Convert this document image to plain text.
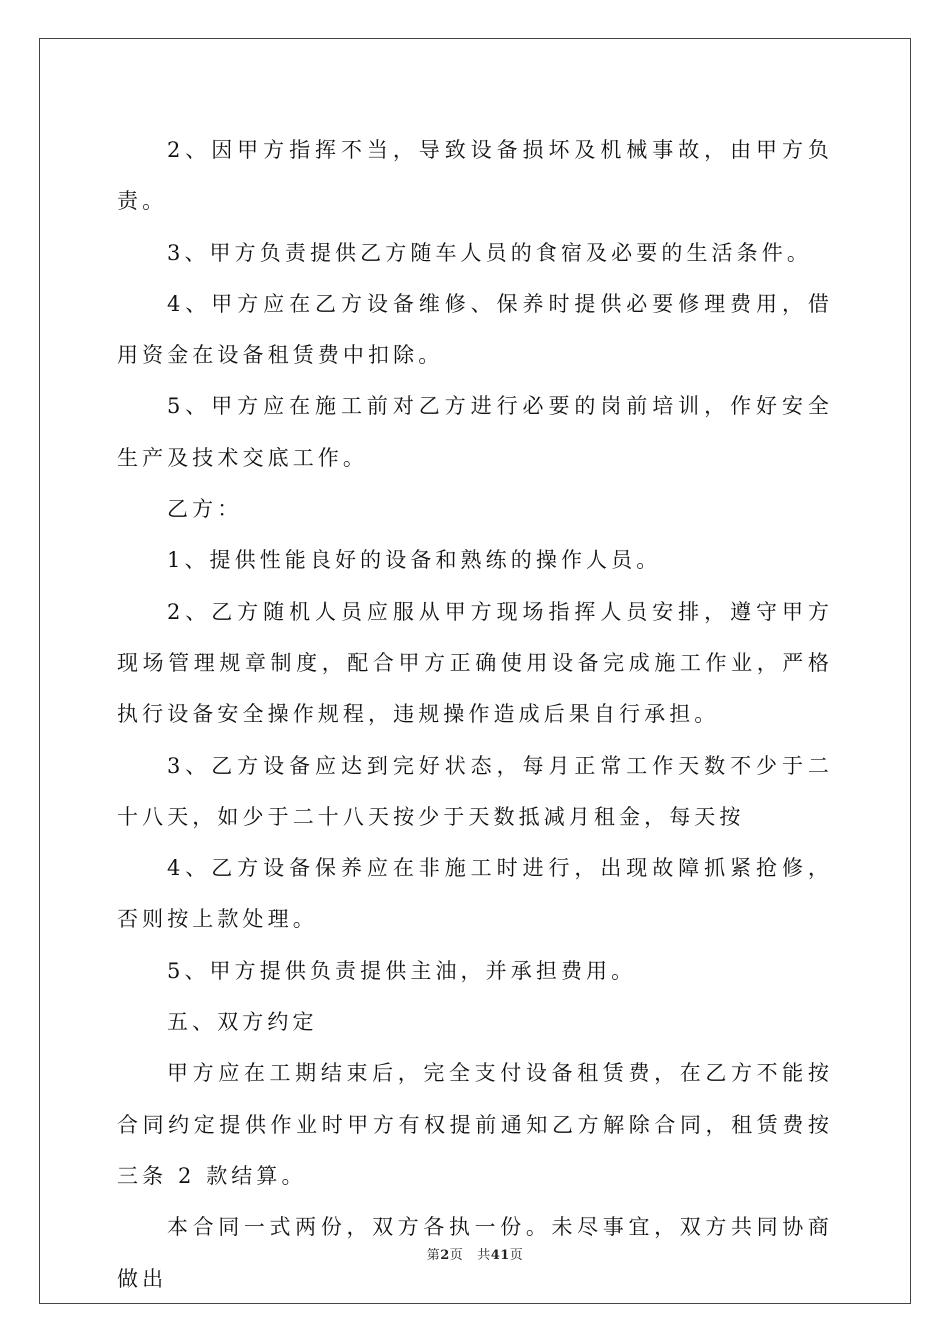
2、因甲方指挥不当，导致设备损坏及机械事故，由甲方负责。

3、甲方负责提供乙方随车人员的食宿及必要的生活条件。

4、甲方应在乙方设备维修、保养时提供必要修理费用，借用资金在设备租赁费中扣除。

5、甲方应在施工前对乙方进行必要的岗前培训，作好安全生产及技术交底工作。

乙方：

1、提供性能良好的设备和熟练的操作人员。

2、乙方随机人员应服从甲方现场指挥人员安排，遵守甲方现场管理规章制度，配合甲方正确使用设备完成施工作业，严格执行设备安全操作规程，违规操作造成后果自行承担。

3、乙方设备应达到完好状态，每月正常工作天数不少于二十八天，如少于二十八天按少于天数抵减月租金，每天按

4、乙方设备保养应在非施工时进行，出现故障抓紧抢修，否则按上款处理。

5、甲方提供负责提供主油，并承担费用。

五、双方约定

甲方应在工期结束后，完全支付设备租赁费，在乙方不能按合同约定提供作业时甲方有权提前通知乙方解除合同，租赁费按三条 2 款结算。

本合同一式两份，双方各执一份。未尽事宜，双方共同协商做出

第2页 共41页
